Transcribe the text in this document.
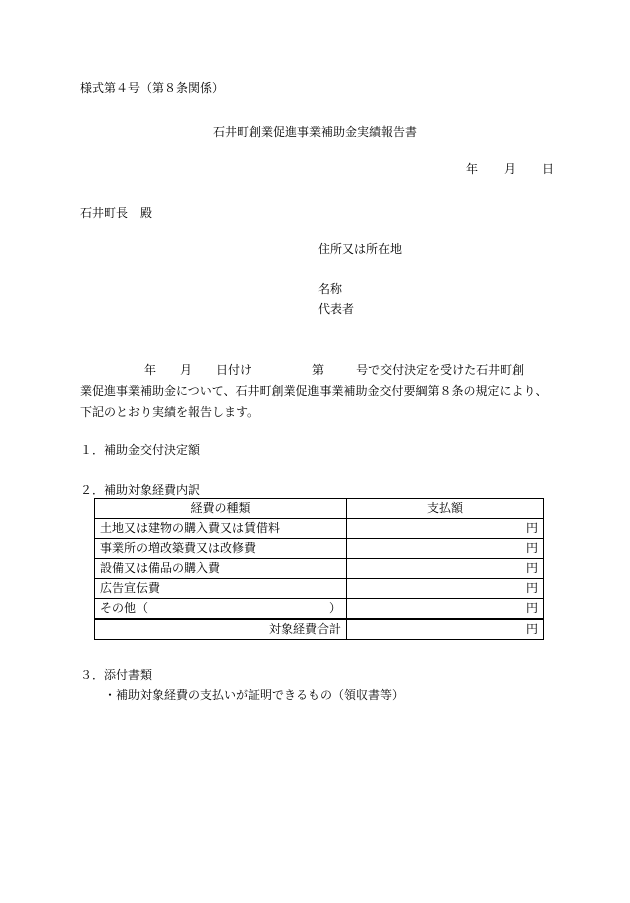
様式第４号（第８条関係）
石井町創業促進事業補助金実績報告書
年 月 日
石井町長 殿
住所又は所在地
名称
代表者
年 月 日付け	第	号で交付決定を受けた石井町創
業促進事業補助金について、石井町創業促進事業補助金交付要綱第８条の規定により、
下記のとおり実績を報告します。
１．補助金交付決定額
２．補助対象経費内訳
経費の種類	支払額
土地又は建物の購入費又は賃借料	円
事業所の増改築費又は改修費	円
設備又は備品の購入費	円
広告宣伝費	円

その他（ ）	円
対象経費合計	円
３．添付書類
・補助対象経費の支払いが証明できるもの（領収書等）
